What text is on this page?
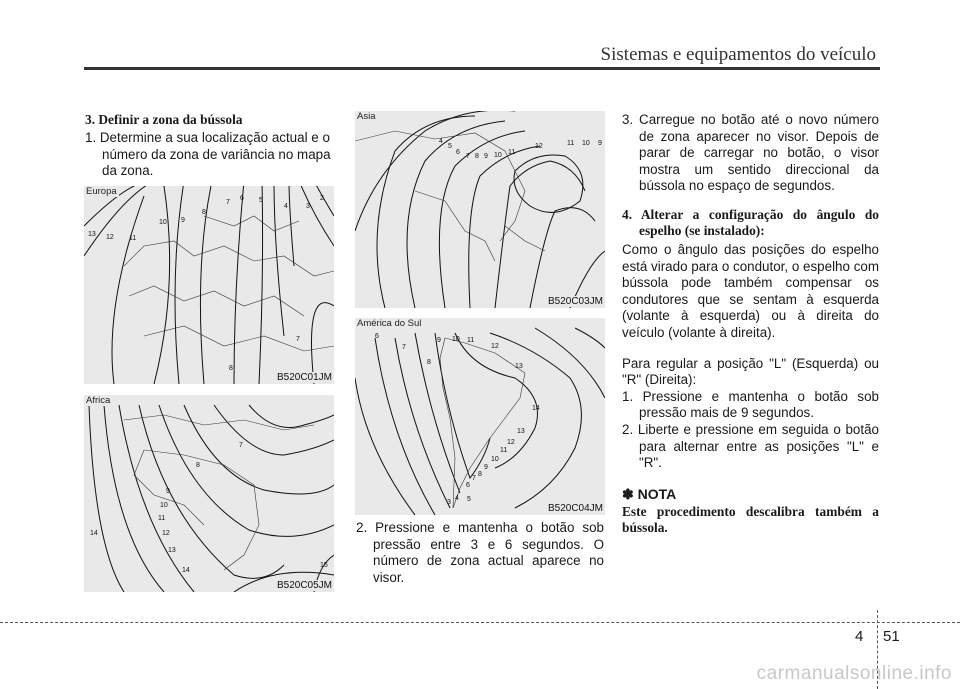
Sistemas e equipamentos do veículo

3. Definir a zona da bússola

1. Determine a sua localização actual e o número da zona de variância no mapa da zona.

13 12 11
10 9
8
7
6 5
4	3
2
7
8
Europa
B520C01JM
7
8
9
10
11
12
13
14
14
15
Africa
B520C05JM
4
5
6
7 8 9 10 11
12	11 10 9
Asia
B520C03JM
6
7
8
9 10 11
12
13
14
13
12
11
10
9
8
7
6
5
4
3
América do Sul
B520C04JM

2. Pressione e mantenha o botão sob pressão entre 3 e 6 segundos. O número de zona actual aparece no visor.

3. Carregue no botão até o novo número de zona aparecer no visor. Depois de parar de carregar no botão, o visor mostra um sentido direccional da bússola no espaço de segundos.

4. Alterar a configuração do ângulo do espelho (se instalado):

Como o ângulo das posições do espelho está virado para o condutor, o espelho com bússola pode também compensar os condutores que se sentam à esquerda (volante à esquerda) ou à direita do veículo (volante à direita).

Para regular a posição "L" (Esquerda) ou "R" (Direita):

1. Pressione e mantenha o botão sob pressão mais de 9 segundos.

2. Liberte e pressione em seguida o botão para alternar entre as posições "L" e "R".

✽ NOTA

Este procedimento descalibra também a bússola.

4 51
carmanualsonline.info
